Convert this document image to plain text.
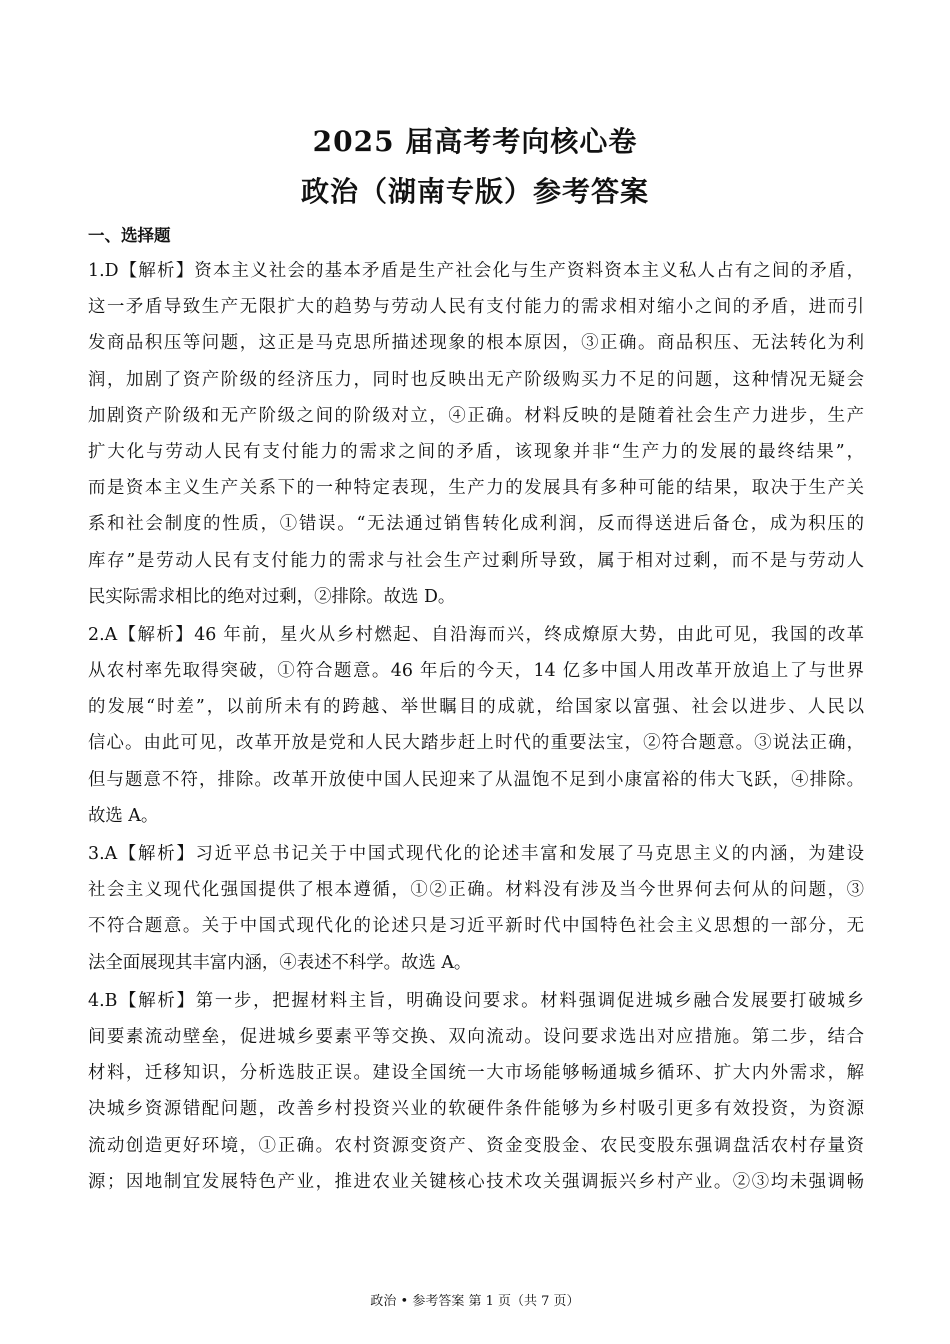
2025 届高考考向核心卷
政治（湖南专版）参考答案
一、选择题
1.D【解析】资本主义社会的基本矛盾是生产社会化与生产资料资本主义私人占有之间的矛盾，
这一矛盾导致生产无限扩大的趋势与劳动人民有支付能力的需求相对缩小之间的矛盾，进而引
发商品积压等问题，这正是马克思所描述现象的根本原因，③正确。商品积压、无法转化为利
润，加剧了资产阶级的经济压力，同时也反映出无产阶级购买力不足的问题，这种情况无疑会
加剧资产阶级和无产阶级之间的阶级对立，④正确。材料反映的是随着社会生产力进步，生产
扩大化与劳动人民有支付能力的需求之间的矛盾，该现象并非“生产力的发展的最终结果”，
而是资本主义生产关系下的一种特定表现，生产力的发展具有多种可能的结果，取决于生产关
系和社会制度的性质，①错误。“无法通过销售转化成利润，反而得送进后备仓，成为积压的
库存”是劳动人民有支付能力的需求与社会生产过剩所导致，属于相对过剩，而不是与劳动人
民实际需求相比的绝对过剩，②排除。故选 D。
2.A【解析】46 年前，星火从乡村燃起、自沿海而兴，终成燎原大势，由此可见，我国的改革
从农村率先取得突破，①符合题意。46 年后的今天，14 亿多中国人用改革开放追上了与世界
的发展“时差”，以前所未有的跨越、举世瞩目的成就，给国家以富强、社会以进步、人民以
信心。由此可见，改革开放是党和人民大踏步赶上时代的重要法宝，②符合题意。③说法正确，
但与题意不符，排除。改革开放使中国人民迎来了从温饱不足到小康富裕的伟大飞跃，④排除。
故选 A。
3.A【解析】习近平总书记关于中国式现代化的论述丰富和发展了马克思主义的内涵，为建设
社会主义现代化强国提供了根本遵循，①②正确。材料没有涉及当今世界何去何从的问题，③
不符合题意。关于中国式现代化的论述只是习近平新时代中国特色社会主义思想的一部分，无
法全面展现其丰富内涵，④表述不科学。故选 A。
4.B【解析】第一步，把握材料主旨，明确设问要求。材料强调促进城乡融合发展要打破城乡
间要素流动壁垒，促进城乡要素平等交换、双向流动。设问要求选出对应措施。第二步，结合
材料，迁移知识，分析选肢正误。建设全国统一大市场能够畅通城乡循环、扩大内外需求，解
决城乡资源错配问题，改善乡村投资兴业的软硬件条件能够为乡村吸引更多有效投资，为资源
流动创造更好环境，①正确。农村资源变资产、资金变股金、农民变股东强调盘活农村存量资
源；因地制宜发展特色产业，推进农业关键核心技术攻关强调振兴乡村产业。②③均未强调畅
政治 • 参考答案 第 1 页（共 7 页）
